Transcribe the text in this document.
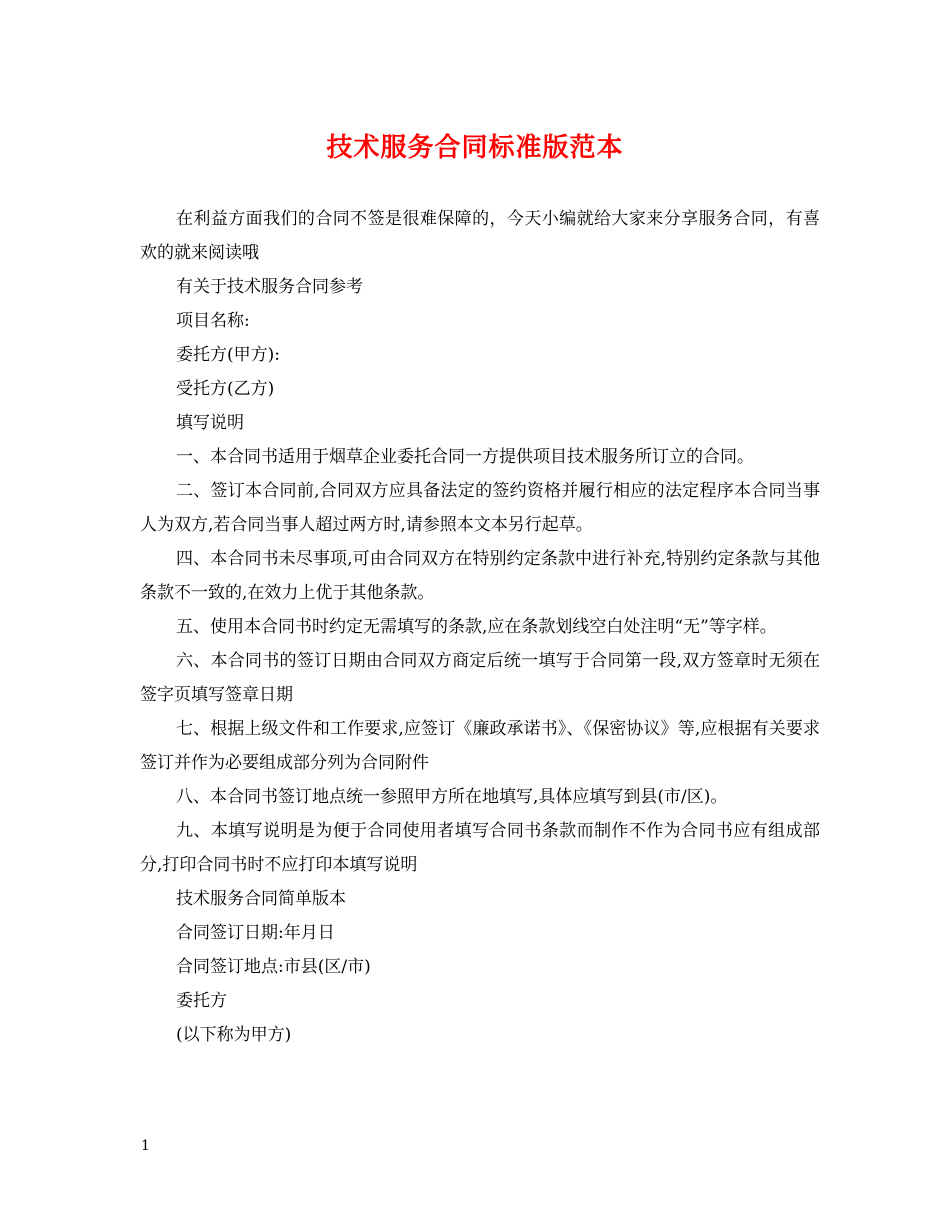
技术服务合同标准版范本

在利益方面我们的合同不签是很难保障的，今天小编就给大家来分享服务合同，有喜欢的就来阅读哦

有关于技术服务合同参考

项目名称:

委托方(甲方):

受托方(乙方)

填写说明

一、本合同书适用于烟草企业委托合同一方提供项目技术服务所订立的合同。

二、签订本合同前,合同双方应具备法定的签约资格并履行相应的法定程序本合同当事人为双方,若合同当事人超过两方时,请参照本文本另行起草。

四、本合同书未尽事项,可由合同双方在特别约定条款中进行补充,特别约定条款与其他条款不一致的,在效力上优于其他条款。

五、使用本合同书时约定无需填写的条款,应在条款划线空白处注明“无”等字样。

六、本合同书的签订日期由合同双方商定后统一填写于合同第一段,双方签章时无须在签字页填写签章日期

七、根据上级文件和工作要求,应签订《廉政承诺书》、《保密协议》等,应根据有关要求签订并作为必要组成部分列为合同附件

八、本合同书签订地点统一参照甲方所在地填写,具体应填写到县(市/区)。

九、本填写说明是为便于合同使用者填写合同书条款而制作不作为合同书应有组成部分,打印合同书时不应打印本填写说明

技术服务合同简单版本

合同签订日期:年月日

合同签订地点:市县(区/市)

委托方

(以下称为甲方)

1
